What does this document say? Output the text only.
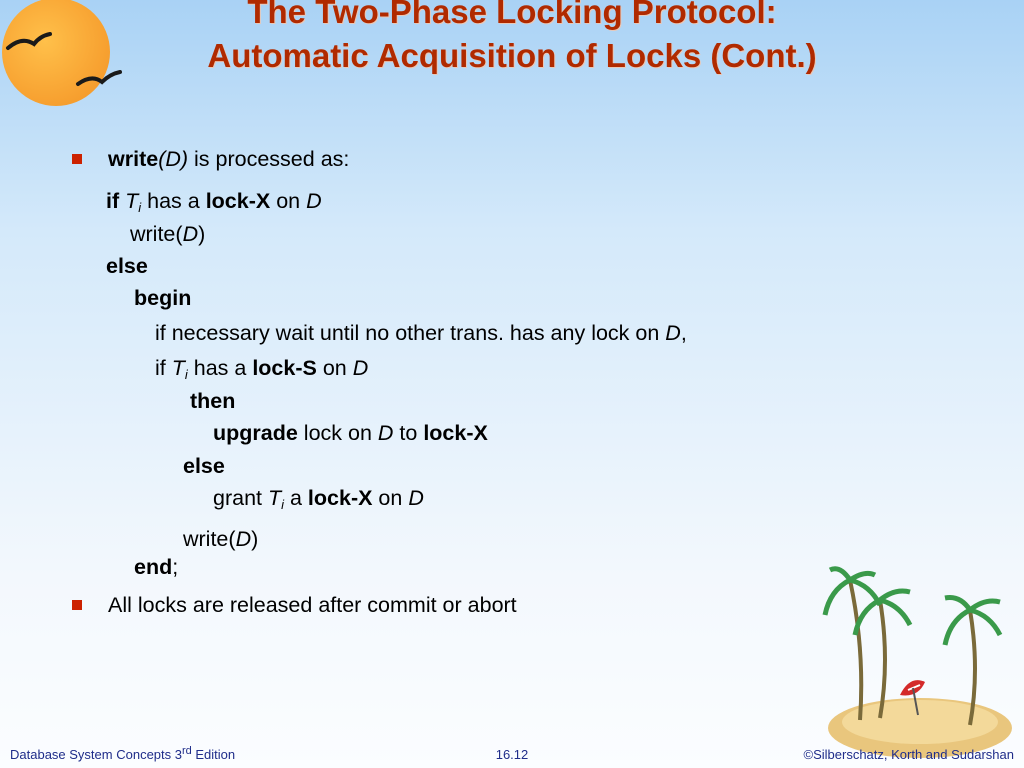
The Two-Phase Locking Protocol:
Automatic Acquisition of Locks (Cont.)
write(D) is processed as:
if $T_i$ has a lock-X on D
write(D)
else
begin
if necessary wait until no other trans. has any lock on D,
if $T_i$ has a lock-S on D
then
upgrade lock on D to lock-X
else
grant $T_i$ a lock-X on D
write(D)
end;
All locks are released after commit or abort
Database System Concepts 3rd Edition	16.12	©Silberschatz, Korth and Sudarshan
